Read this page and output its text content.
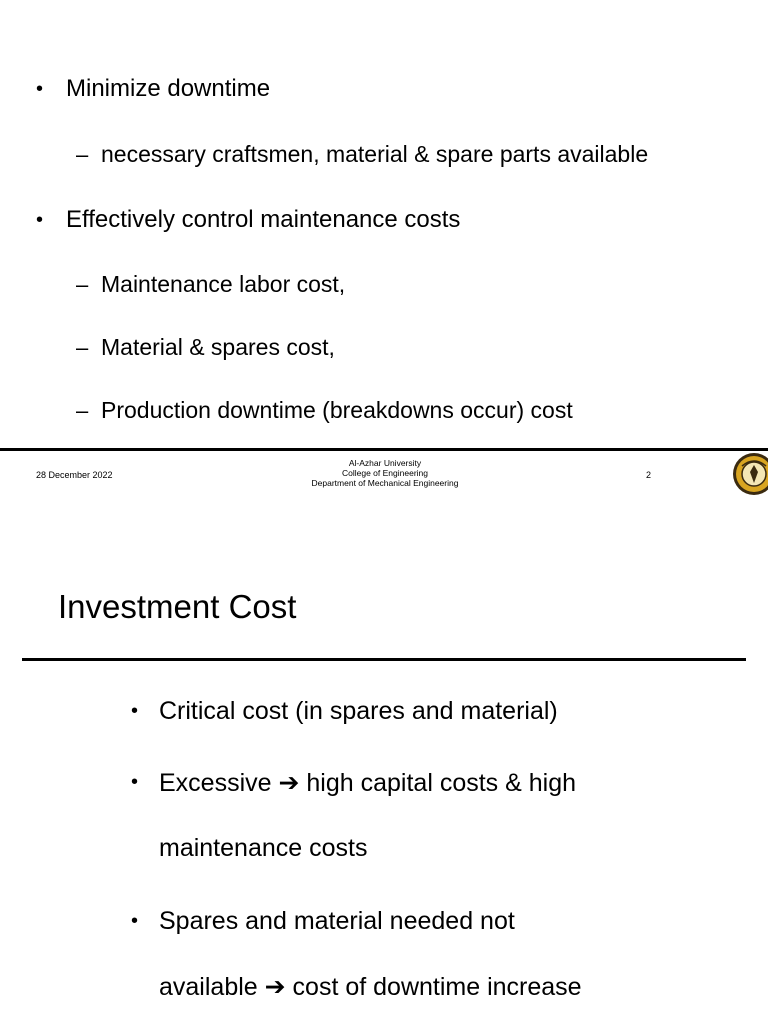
• Minimize downtime
– necessary craftsmen, material & spare parts available
• Effectively control maintenance costs
– Maintenance labor cost,
– Material & spares cost,
– Production downtime (breakdowns occur) cost
28 December 2022
Al-Azhar University
College of Engineering
Department of Mechanical Engineering
2
Investment Cost
• Critical cost (in spares and material)
• Excessive ➔ high capital costs & high
maintenance costs
• Spares and material needed not
available ➔ cost of downtime increase
